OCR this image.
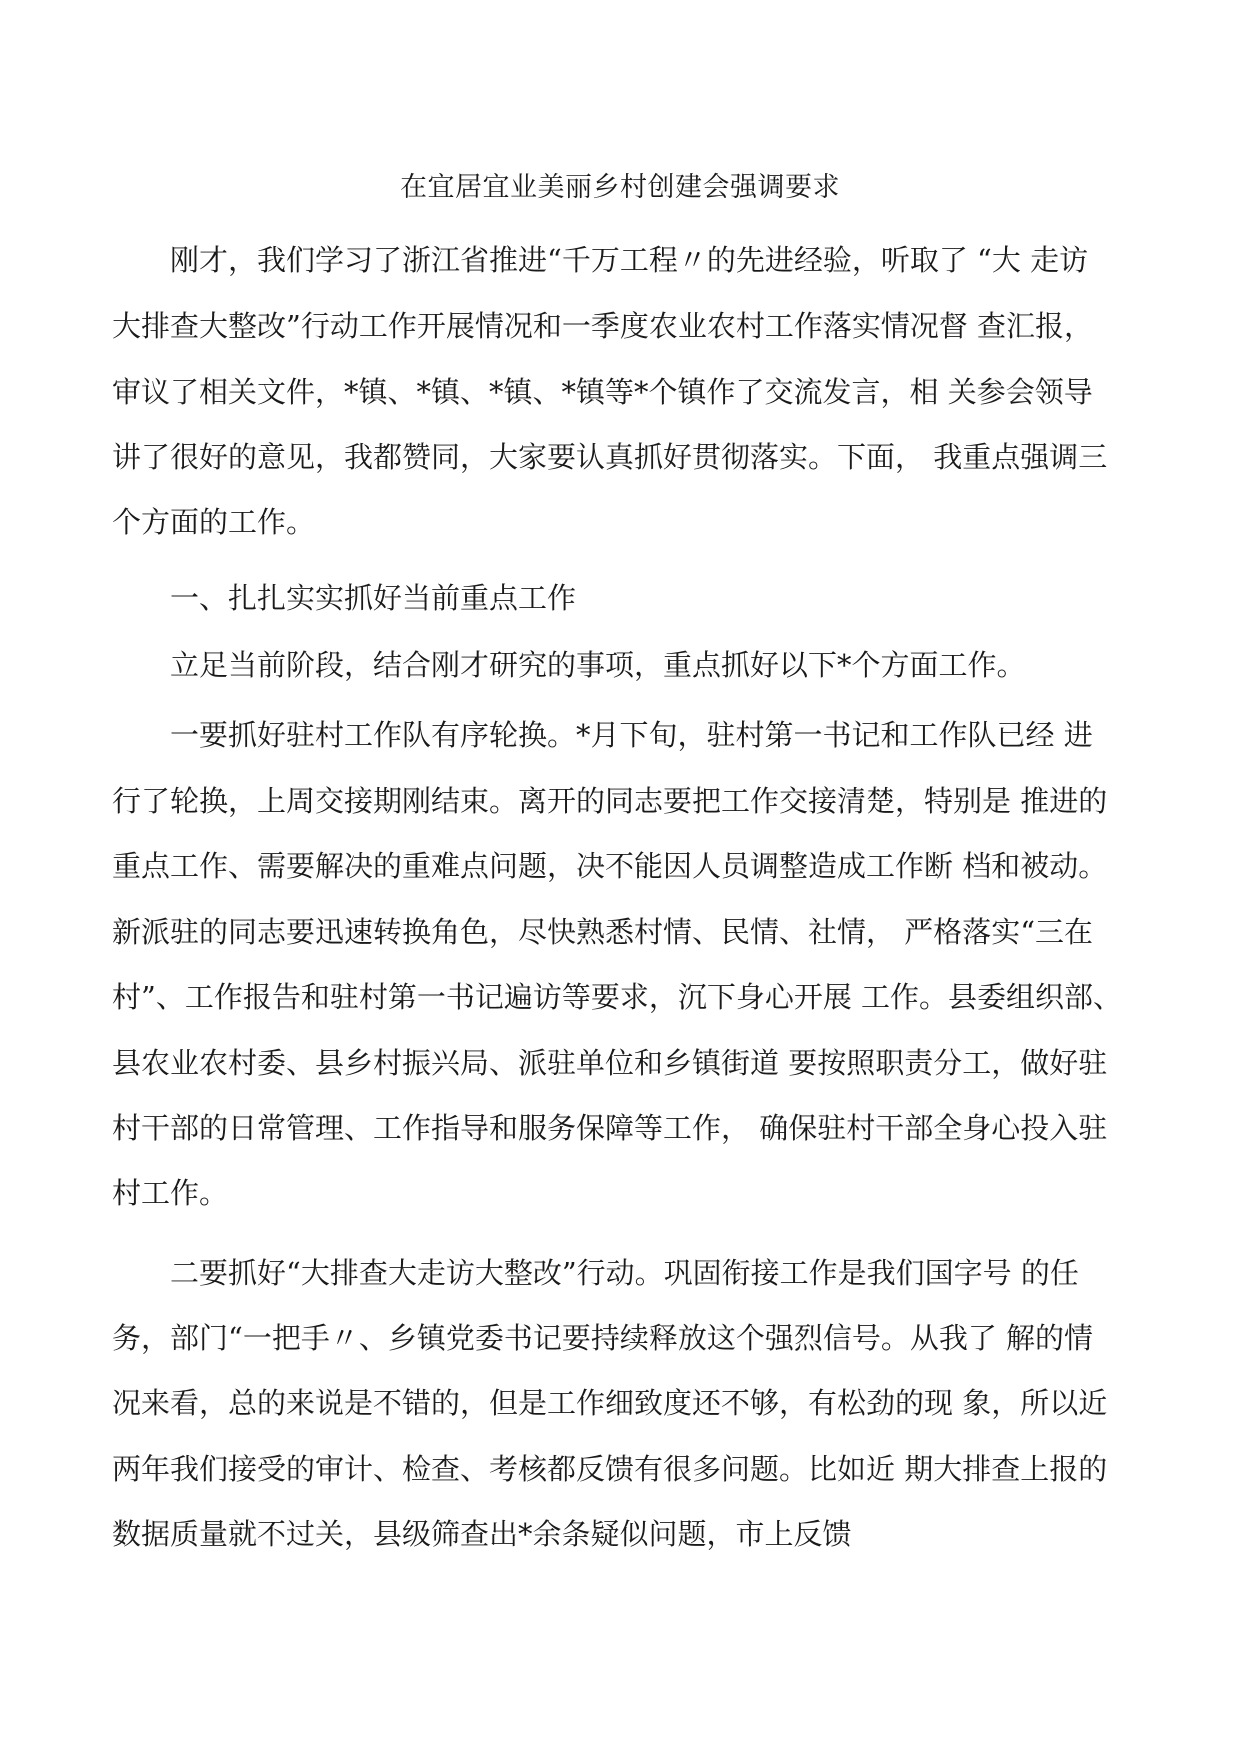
在宜居宜业美丽乡村创建会强调要求
　　刚才，我们学习了浙江省推进“千万工程〃的先进经验，听取了 “大 走访
大排查大整改”行动工作开展情况和一季度农业农村工作落实情况督 查汇报，
审议了相关文件，*镇、*镇、*镇、*镇等*个镇作了交流发言，相 关参会领导
讲了很好的意见，我都赞同，大家要认真抓好贯彻落实。下面， 我重点强调三
个方面的工作。
　　一、扎扎实实抓好当前重点工作
　　立足当前阶段，结合刚才研究的事项，重点抓好以下*个方面工作。
　　一要抓好驻村工作队有序轮换。*月下旬，驻村第一书记和工作队已经 进
行了轮换，上周交接期刚结束。离开的同志要把工作交接清楚，特别是 推进的
重点工作、需要解决的重难点问题，决不能因人员调整造成工作断 档和被动。
新派驻的同志要迅速转换角色，尽快熟悉村情、民情、社情， 严格落实“三在
村”、工作报告和驻村第一书记遍访等要求，沉下身心开展 工作。县委组织部、
县农业农村委、县乡村振兴局、派驻单位和乡镇街道 要按照职责分工，做好驻
村干部的日常管理、工作指导和服务保障等工作， 确保驻村干部全身心投入驻
村工作。
　　二要抓好“大排查大走访大整改”行动。巩固衔接工作是我们国字号 的任
务，部门“一把手〃、乡镇党委书记要持续释放这个强烈信号。从我了 解的情
况来看，总的来说是不错的，但是工作细致度还不够，有松劲的现 象，所以近
两年我们接受的审计、检查、考核都反馈有很多问题。比如近 期大排查上报的
数据质量就不过关，县级筛查出*余条疑似问题，市上反馈
